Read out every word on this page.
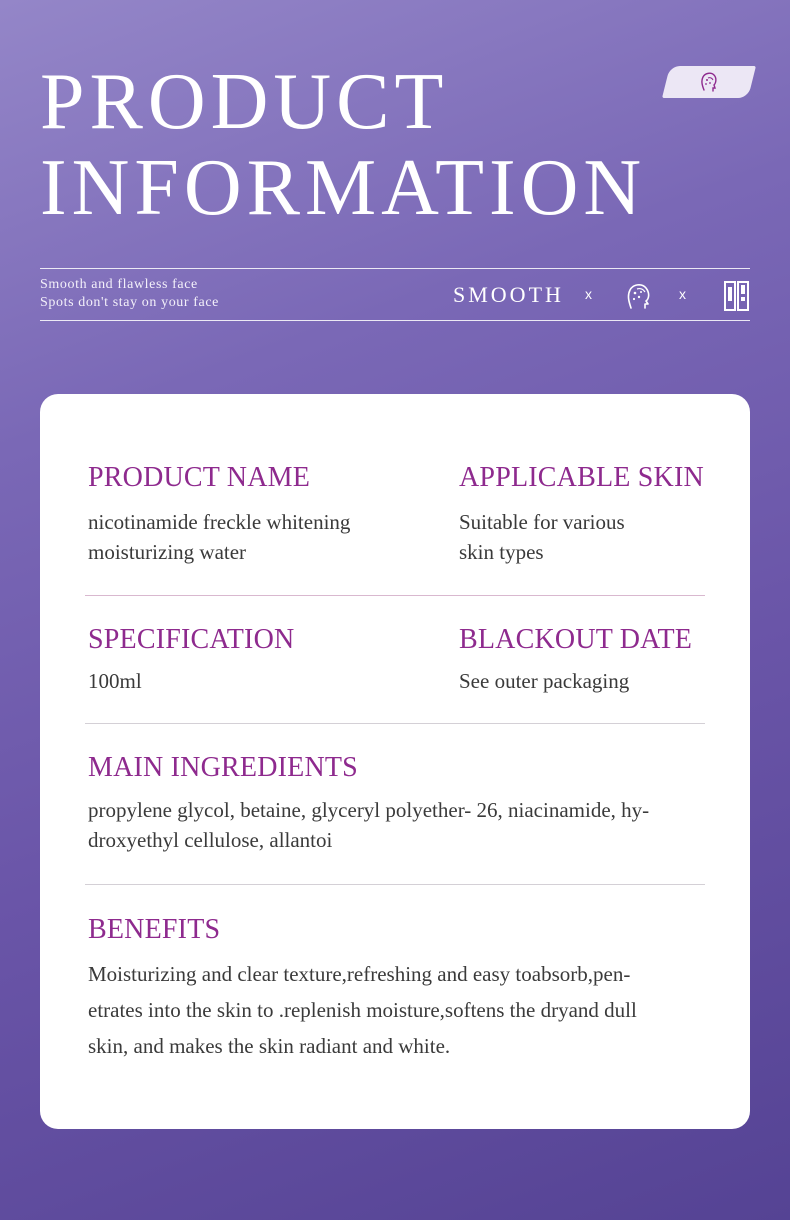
PRODUCT
INFORMATION
Smooth and flawless face
Spots don't stay on your face	SMOOTH x	x
PRODUCT NAME
nicotinamide freckle whitening
moisturizing water
APPLICABLE SKIN
Suitable for various
skin types
SPECIFICATION
100ml
BLACKOUT DATE
See outer packaging
MAIN INGREDIENTS
propylene glycol, betaine, glyceryl polyether- 26, niacinamide, hy-
droxyethyl cellulose, allantoi
BENEFITS
Moisturizing and clear texture,refreshing and easy toabsorb,pen-
etrates into the skin to .replenish moisture,softens the dryand dull
skin, and makes the skin radiant and white.
